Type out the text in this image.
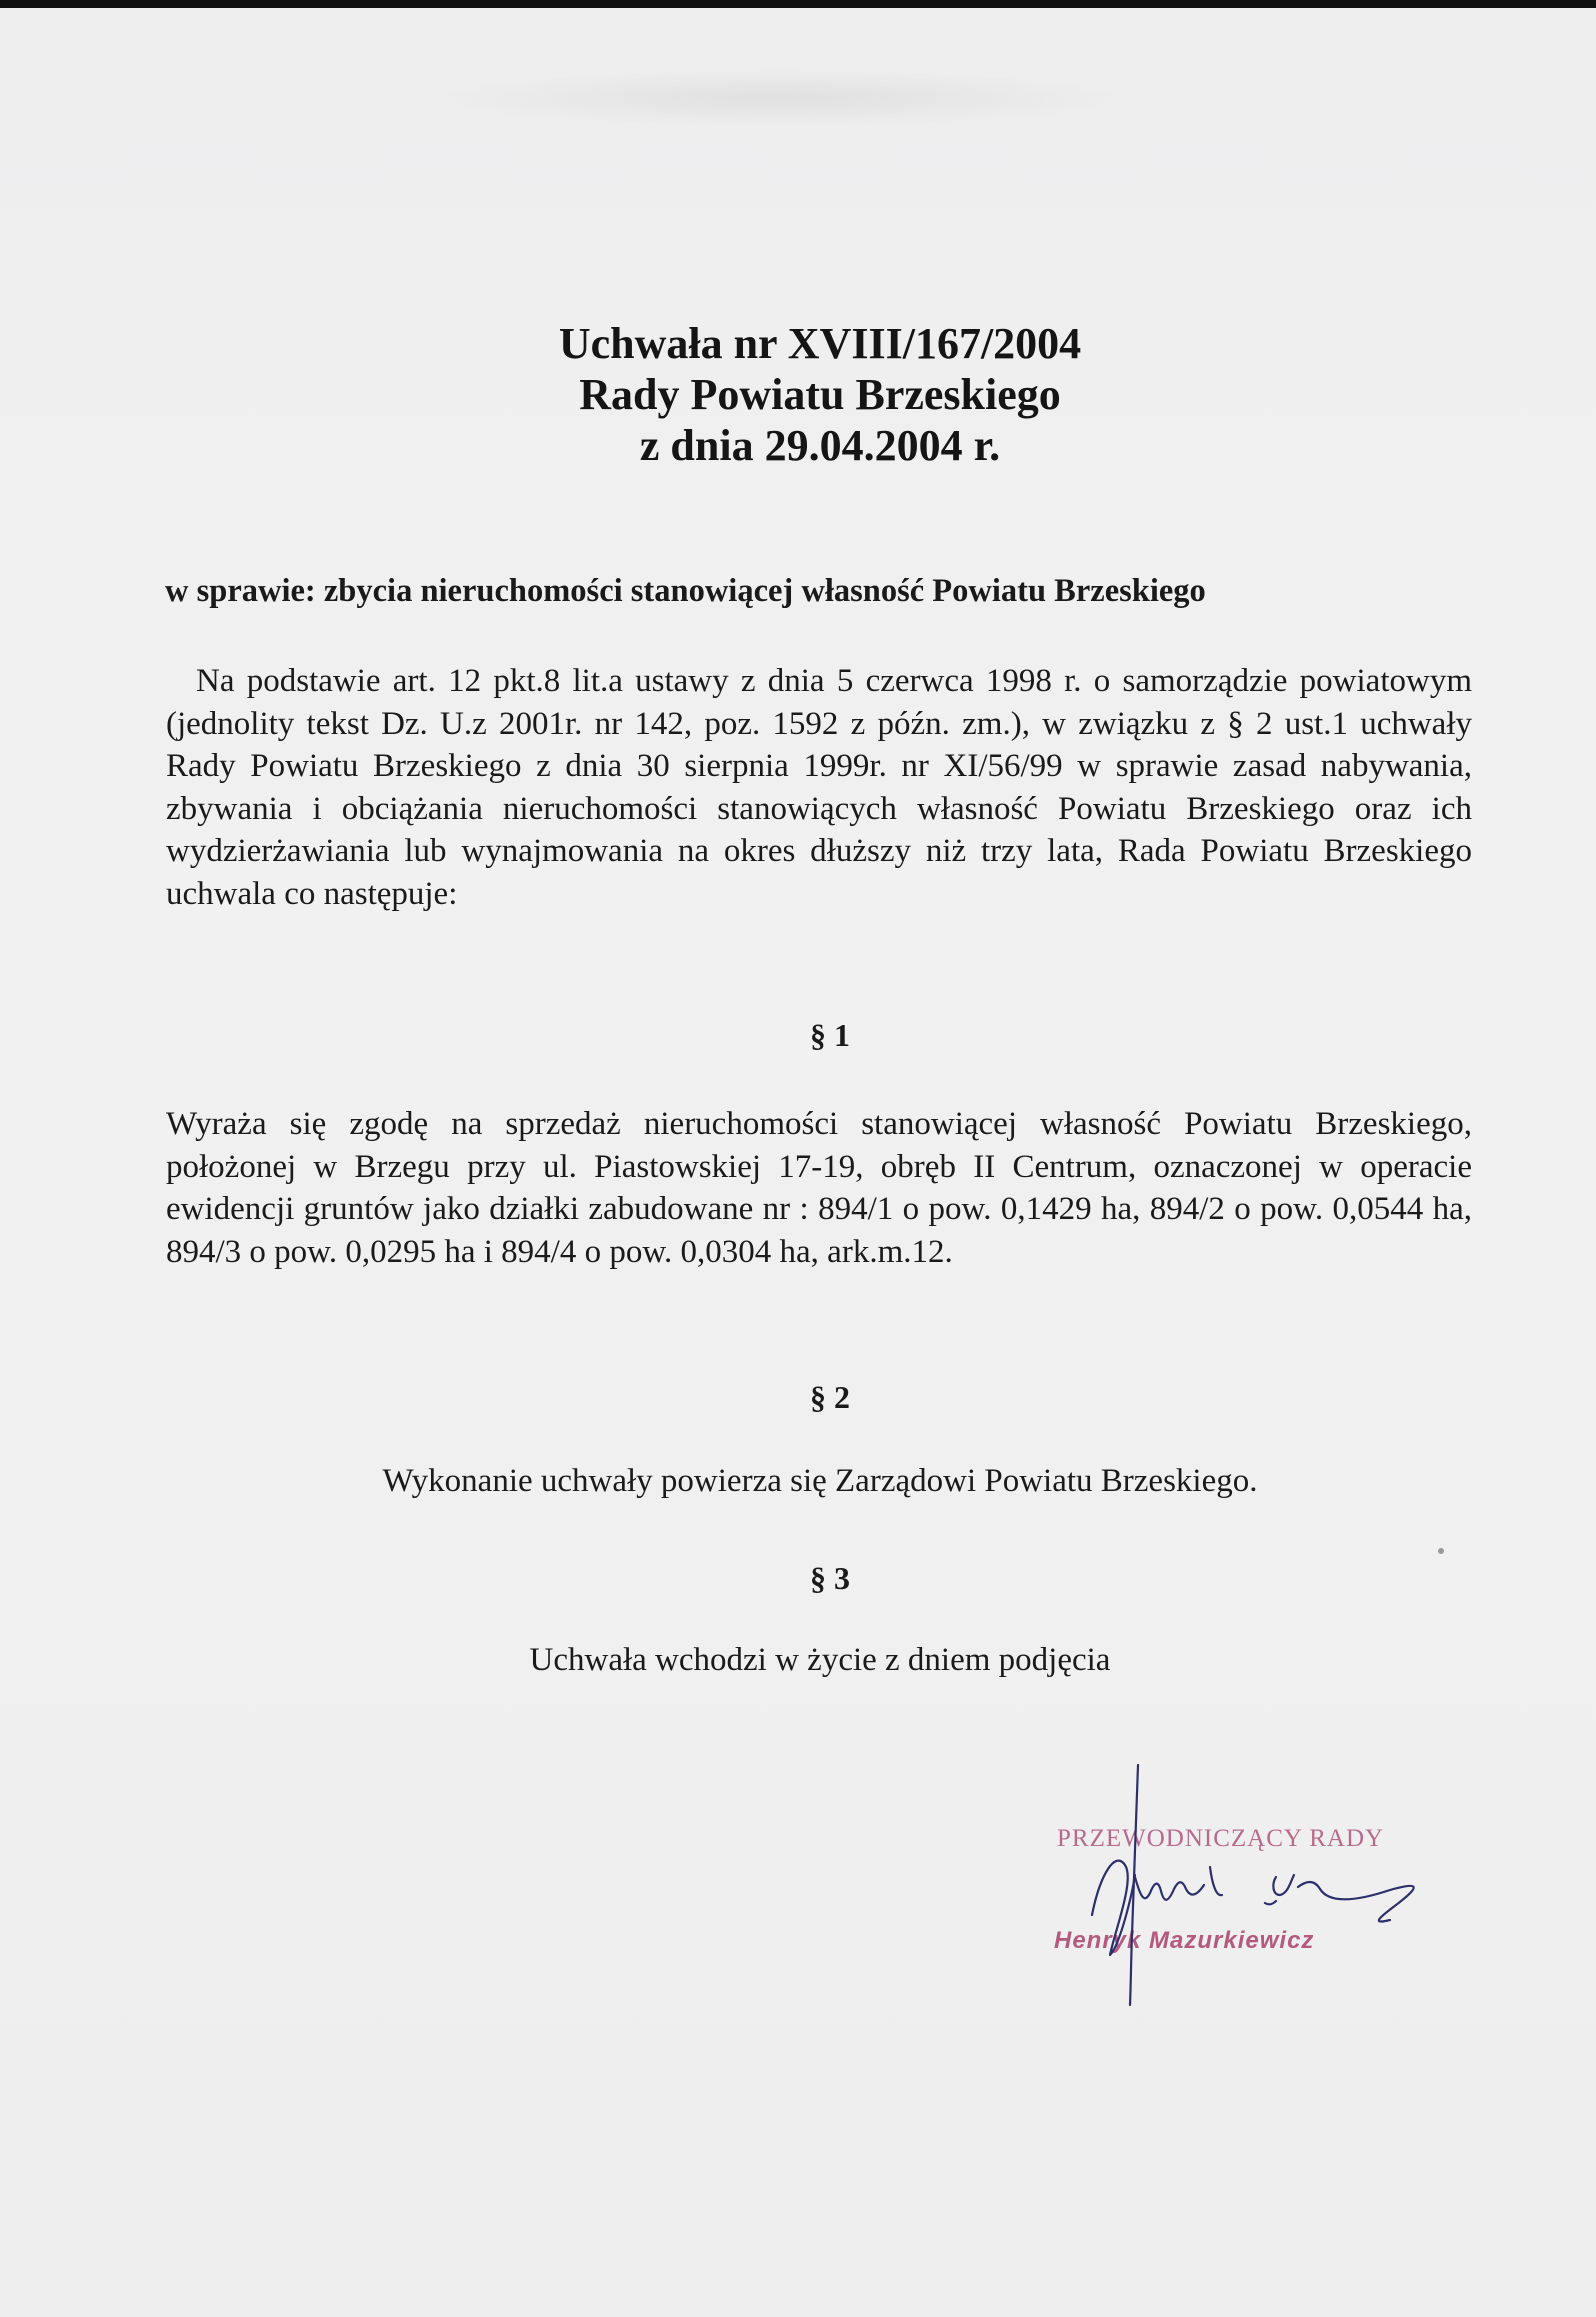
Uchwała nr XVIII/167/2004
Rady Powiatu Brzeskiego
z dnia 29.04.2004 r.
w sprawie: zbycia nieruchomości stanowiącej własność Powiatu Brzeskiego
Na podstawie art. 12 pkt.8 lit.a ustawy z dnia 5 czerwca 1998 r. o samorządzie powiatowym (jednolity tekst Dz. U.z 2001r. nr 142, poz. 1592 z późn. zm.), w związku z § 2 ust.1 uchwały Rady Powiatu Brzeskiego z dnia 30 sierpnia 1999r. nr XI/56/99 w sprawie zasad nabywania, zbywania i obciążania nieruchomości stanowiących własność Powiatu Brzeskiego oraz ich wydzierżawiania lub wynajmowania na okres dłuższy niż trzy lata, Rada Powiatu Brzeskiego uchwala co następuje:
§ 1
Wyraża się zgodę na sprzedaż nieruchomości stanowiącej własność Powiatu Brzeskiego, położonej w Brzegu przy ul. Piastowskiej 17-19, obręb II Centrum, oznaczonej w operacie ewidencji gruntów jako działki zabudowane nr : 894/1 o pow. 0,1429 ha, 894/2 o pow. 0,0544 ha, 894/3 o pow. 0,0295 ha i 894/4 o pow. 0,0304 ha, ark.m.12.
§ 2
Wykonanie uchwały powierza się Zarządowi Powiatu Brzeskiego.
§ 3
Uchwała wchodzi w życie z dniem podjęcia
PRZEWODNICZĄCY RADY
Henryk Mazurkiewicz
